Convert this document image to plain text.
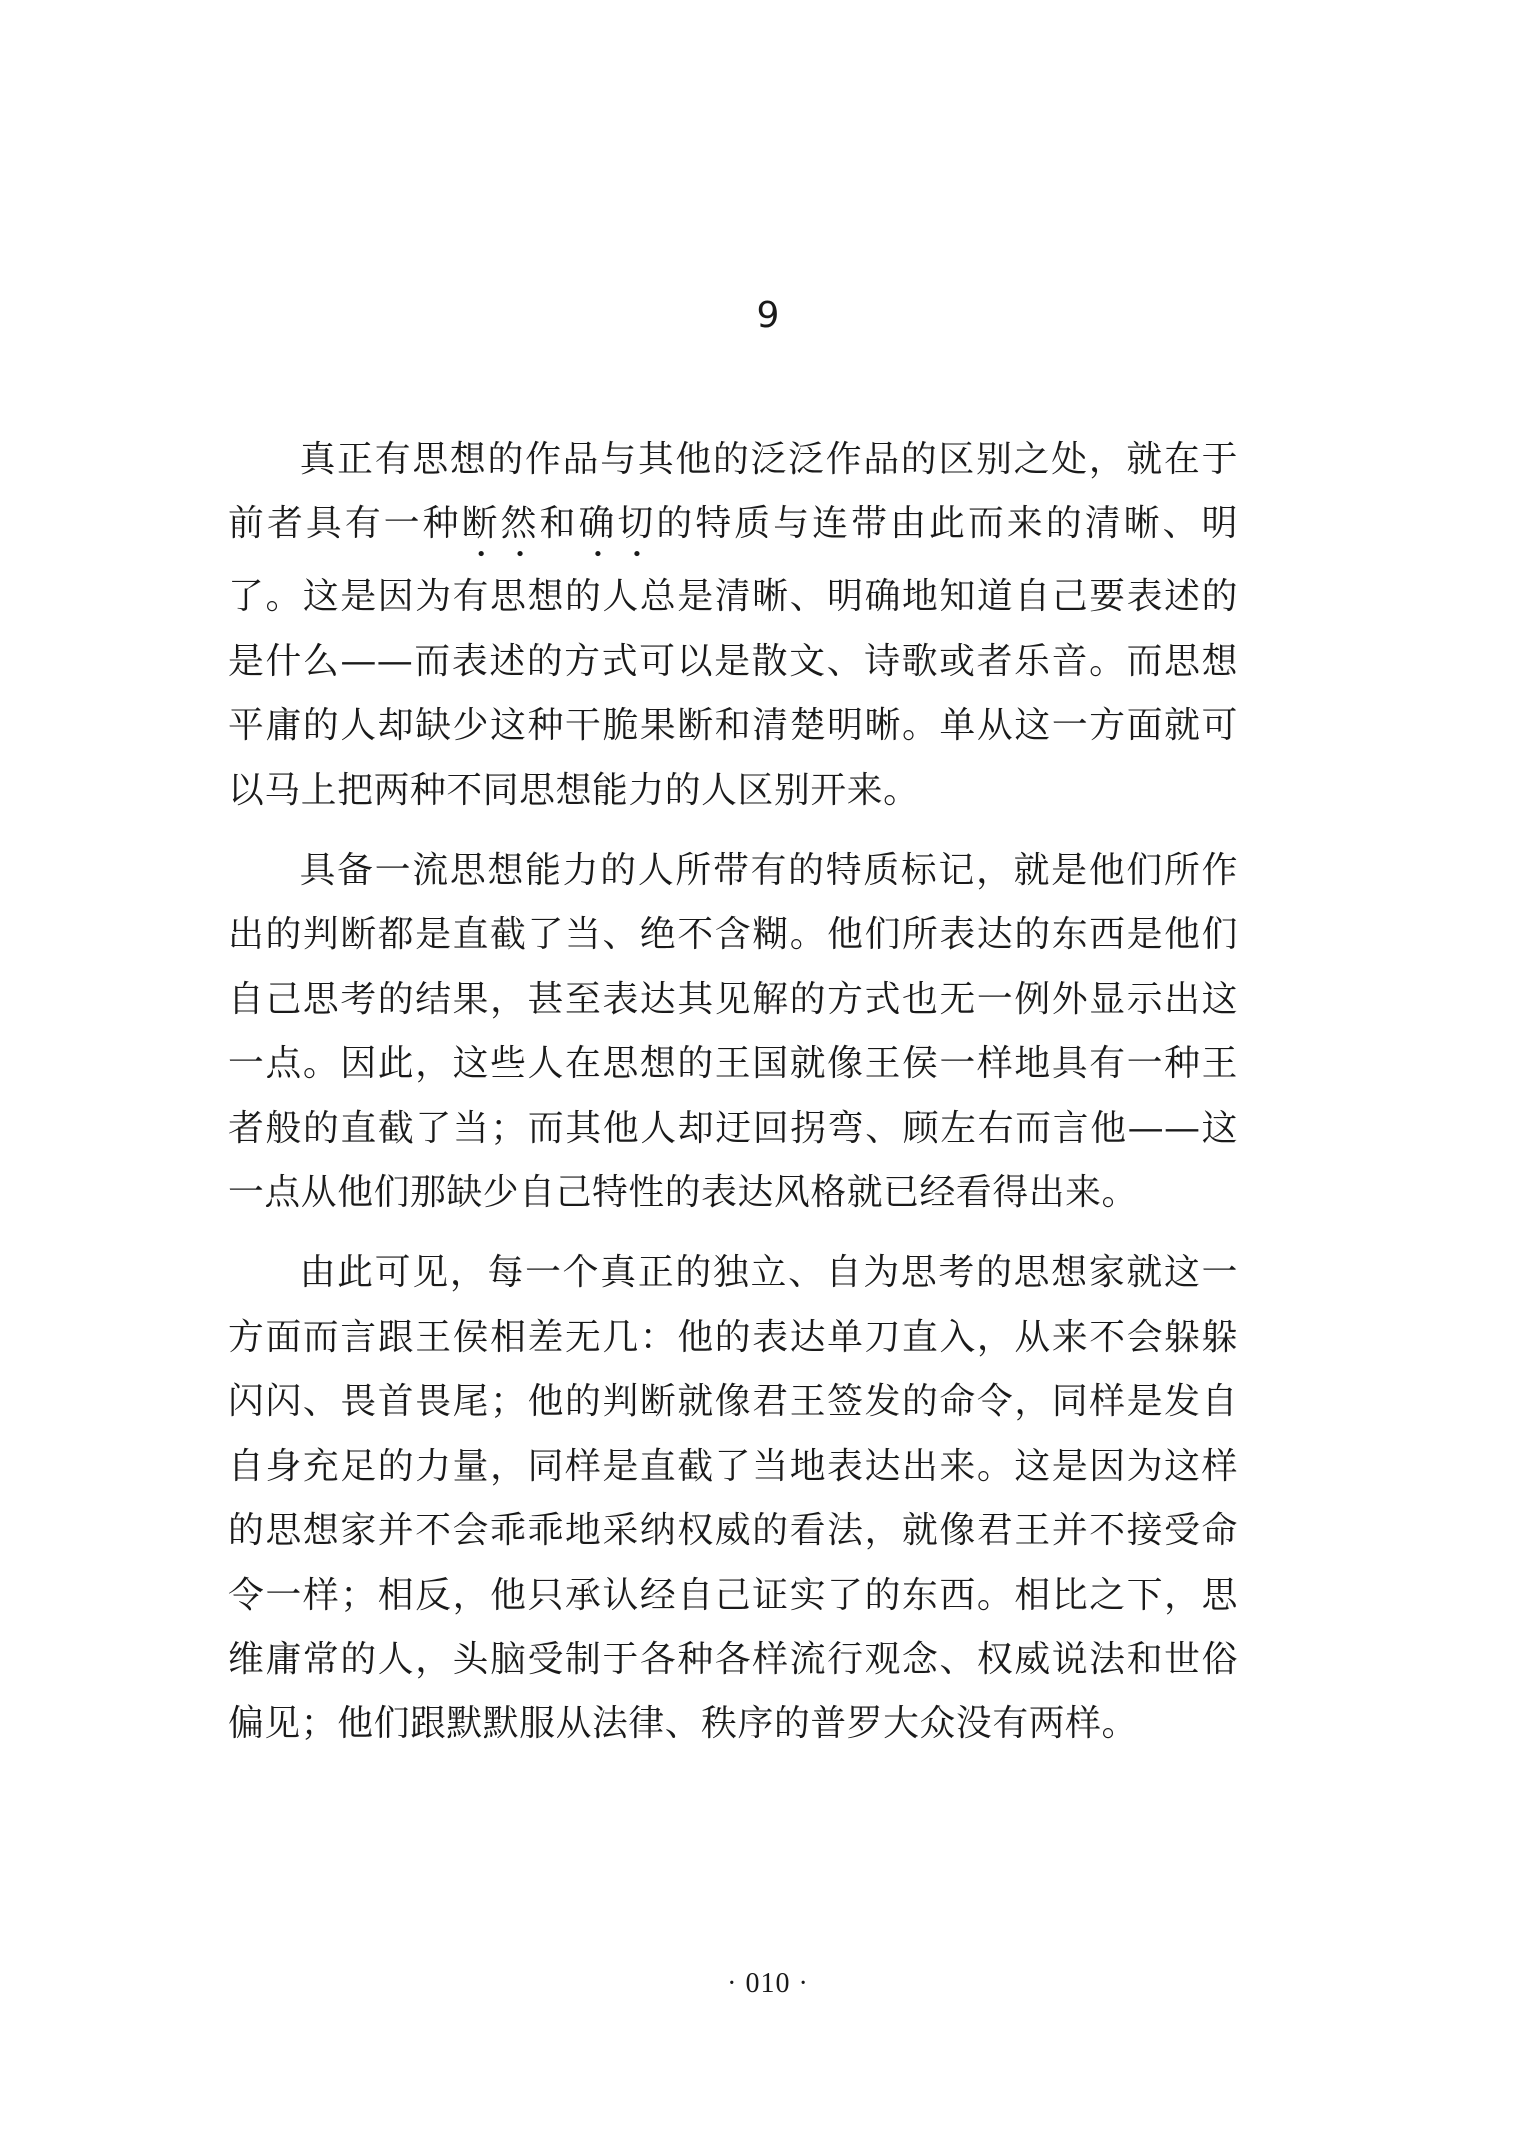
9

真正有思想的作品与其他的泛泛作品的区别之处，就在于前者具有一种断然和确切的特质与连带由此而来的清晰、明了。这是因为有思想的人总是清晰、明确地知道自己要表述的是什么——而表述的方式可以是散文、诗歌或者乐音。而思想平庸的人却缺少这种干脆果断和清楚明晰。单从这一方面就可以马上把两种不同思想能力的人区别开来。

具备一流思想能力的人所带有的特质标记，就是他们所作出的判断都是直截了当、绝不含糊。他们所表达的东西是他们自己思考的结果，甚至表达其见解的方式也无一例外显示出这一点。因此，这些人在思想的王国就像王侯一样地具有一种王者般的直截了当；而其他人却迂回拐弯、顾左右而言他——这一点从他们那缺少自己特性的表达风格就已经看得出来。

由此可见，每一个真正的独立、自为思考的思想家就这一方面而言跟王侯相差无几：他的表达单刀直入，从来不会躲躲闪闪、畏首畏尾；他的判断就像君王签发的命令，同样是发自自身充足的力量，同样是直截了当地表达出来。这是因为这样的思想家并不会乖乖地采纳权威的看法，就像君王并不接受命令一样；相反，他只承认经自己证实了的东西。相比之下，思维庸常的人，头脑受制于各种各样流行观念、权威说法和世俗偏见；他们跟默默服从法律、秩序的普罗大众没有两样。

· 010 ·
